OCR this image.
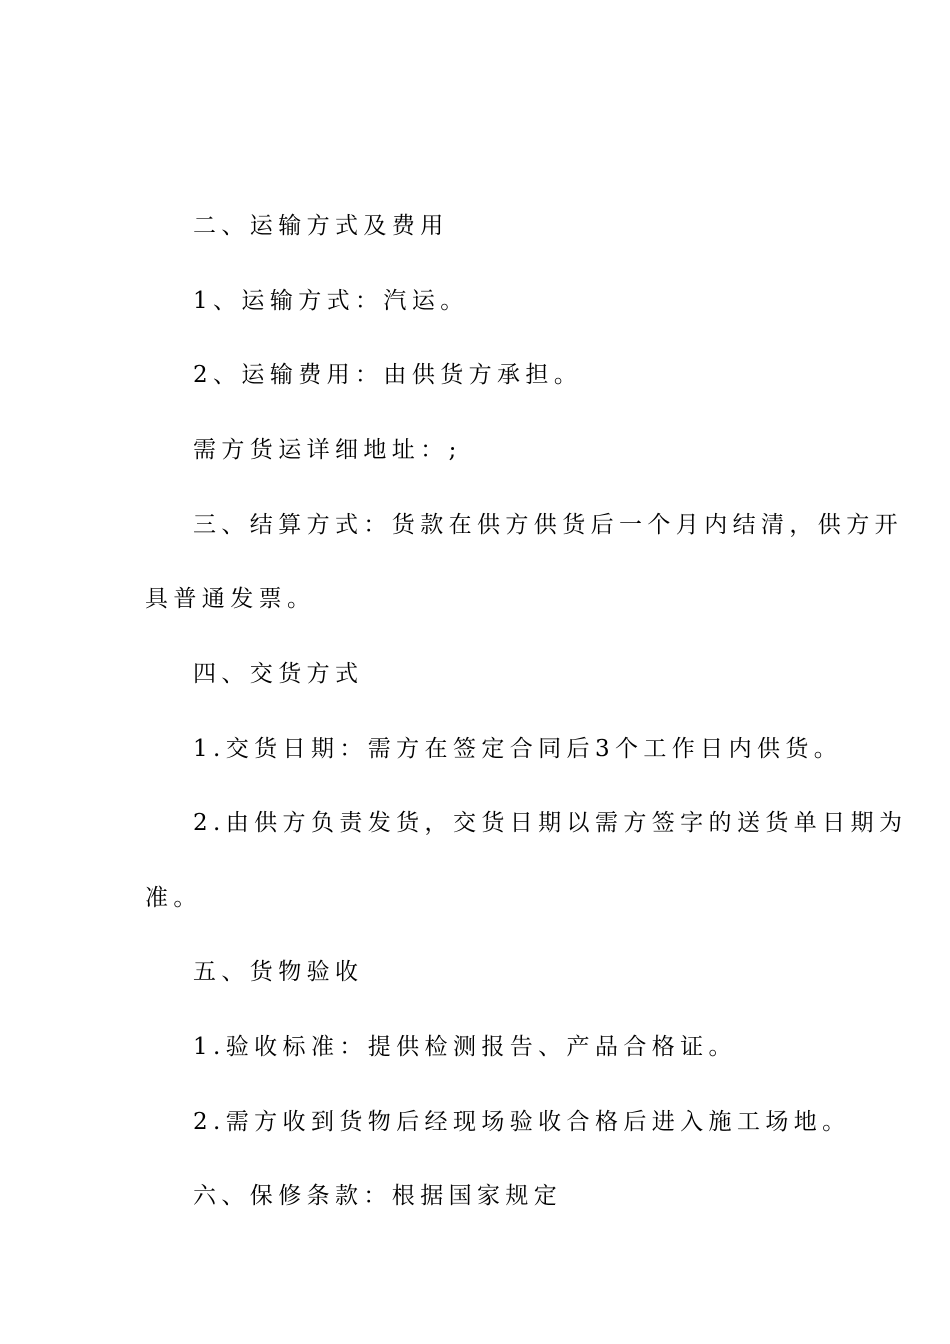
二、运输方式及费用

1、运输方式：汽运。

2、运输费用：由供货方承担。

需方货运详细地址：;

三、结算方式：货款在供方供货后一个月内结清，供方开

具普通发票。

四、交货方式

1.交货日期：需方在签定合同后3个工作日内供货。

2.由供方负责发货，交货日期以需方签字的送货单日期为

准。

五、货物验收

1.验收标准：提供检测报告、产品合格证。

2.需方收到货物后经现场验收合格后进入施工场地。

六、保修条款：根据国家规定
